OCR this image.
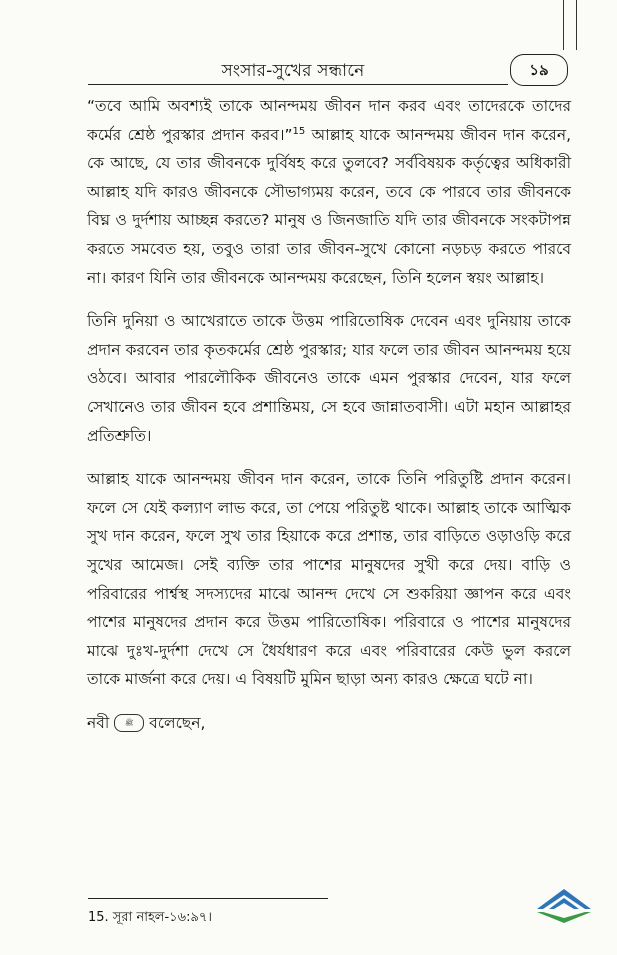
সংসার-সুখের সন্ধানে	১৯

“তবে আমি অবশ্যই তাকে আনন্দময় জীবন দান করব এবং তাদেরকে তাদের কর্মের শ্রেষ্ঠ পুরস্কার প্রদান করব।”$^{15}$ আল্লাহ যাকে আনন্দময় জীবন দান করেন, কে আছে, যে তার জীবনকে দুর্বিষহ করে তুলবে? সর্ববিষয়ক কর্তৃত্বের অধিকারী আল্লাহ যদি কারও জীবনকে সৌভাগ্যময় করেন, তবে কে পারবে তার জীবনকে বিঘ্ন ও দুর্দশায় আচ্ছন্ন করতে? মানুষ ও জিনজাতি যদি তার জীবনকে সংকটাপন্ন করতে সমবেত হয়, তবুও তারা তার জীবন-সুখে কোনো নড়চড় করতে পারবে না। কারণ যিনি তার জীবনকে আনন্দময় করেছেন, তিনি হলেন স্বয়ং আল্লাহ।

তিনি দুনিয়া ও আখেরাতে তাকে উত্তম পারিতোষিক দেবেন এবং দুনিয়ায় তাকে প্রদান করবেন তার কৃতকর্মের শ্রেষ্ঠ পুরস্কার; যার ফলে তার জীবন আনন্দময় হয়ে ওঠবে। আবার পারলৌকিক জীবনেও তাকে এমন পুরস্কার দেবেন, যার ফলে সেখানেও তার জীবন হবে প্রশান্তিময়, সে হবে জান্নাতবাসী। এটা মহান আল্লাহর প্রতিশ্রুতি।

আল্লাহ যাকে আনন্দময় জীবন দান করেন, তাকে তিনি পরিতুষ্টি প্রদান করেন। ফলে সে যেই কল্যাণ লাভ করে, তা পেয়ে পরিতুষ্ট থাকে। আল্লাহ তাকে আত্মিক সুখ দান করেন, ফলে সুখ তার হিয়াকে করে প্রশান্ত, তার বাড়িতে ওড়াওড়ি করে সুখের আমেজ। সেই ব্যক্তি তার পাশের মানুষদের সুখী করে দেয়। বাড়ি ও পরিবারের পার্শ্বস্থ সদস্যদের মাঝে আনন্দ দেখে সে শুকরিয়া জ্ঞাপন করে এবং পাশের মানুষদের প্রদান করে উত্তম পারিতোষিক। পরিবারে ও পাশের মানুষদের মাঝে দুঃখ-দুর্দশা দেখে সে ধৈর্যধারণ করে এবং পরিবারের কেউ ভুল করলে তাকে মার্জনা করে দেয়। এ বিষয়টি মুমিন ছাড়া অন্য কারও ক্ষেত্রে ঘটে না।

নবী ﷺ বলেছেন,

15. সূরা নাহল-১৬:৯৭।
